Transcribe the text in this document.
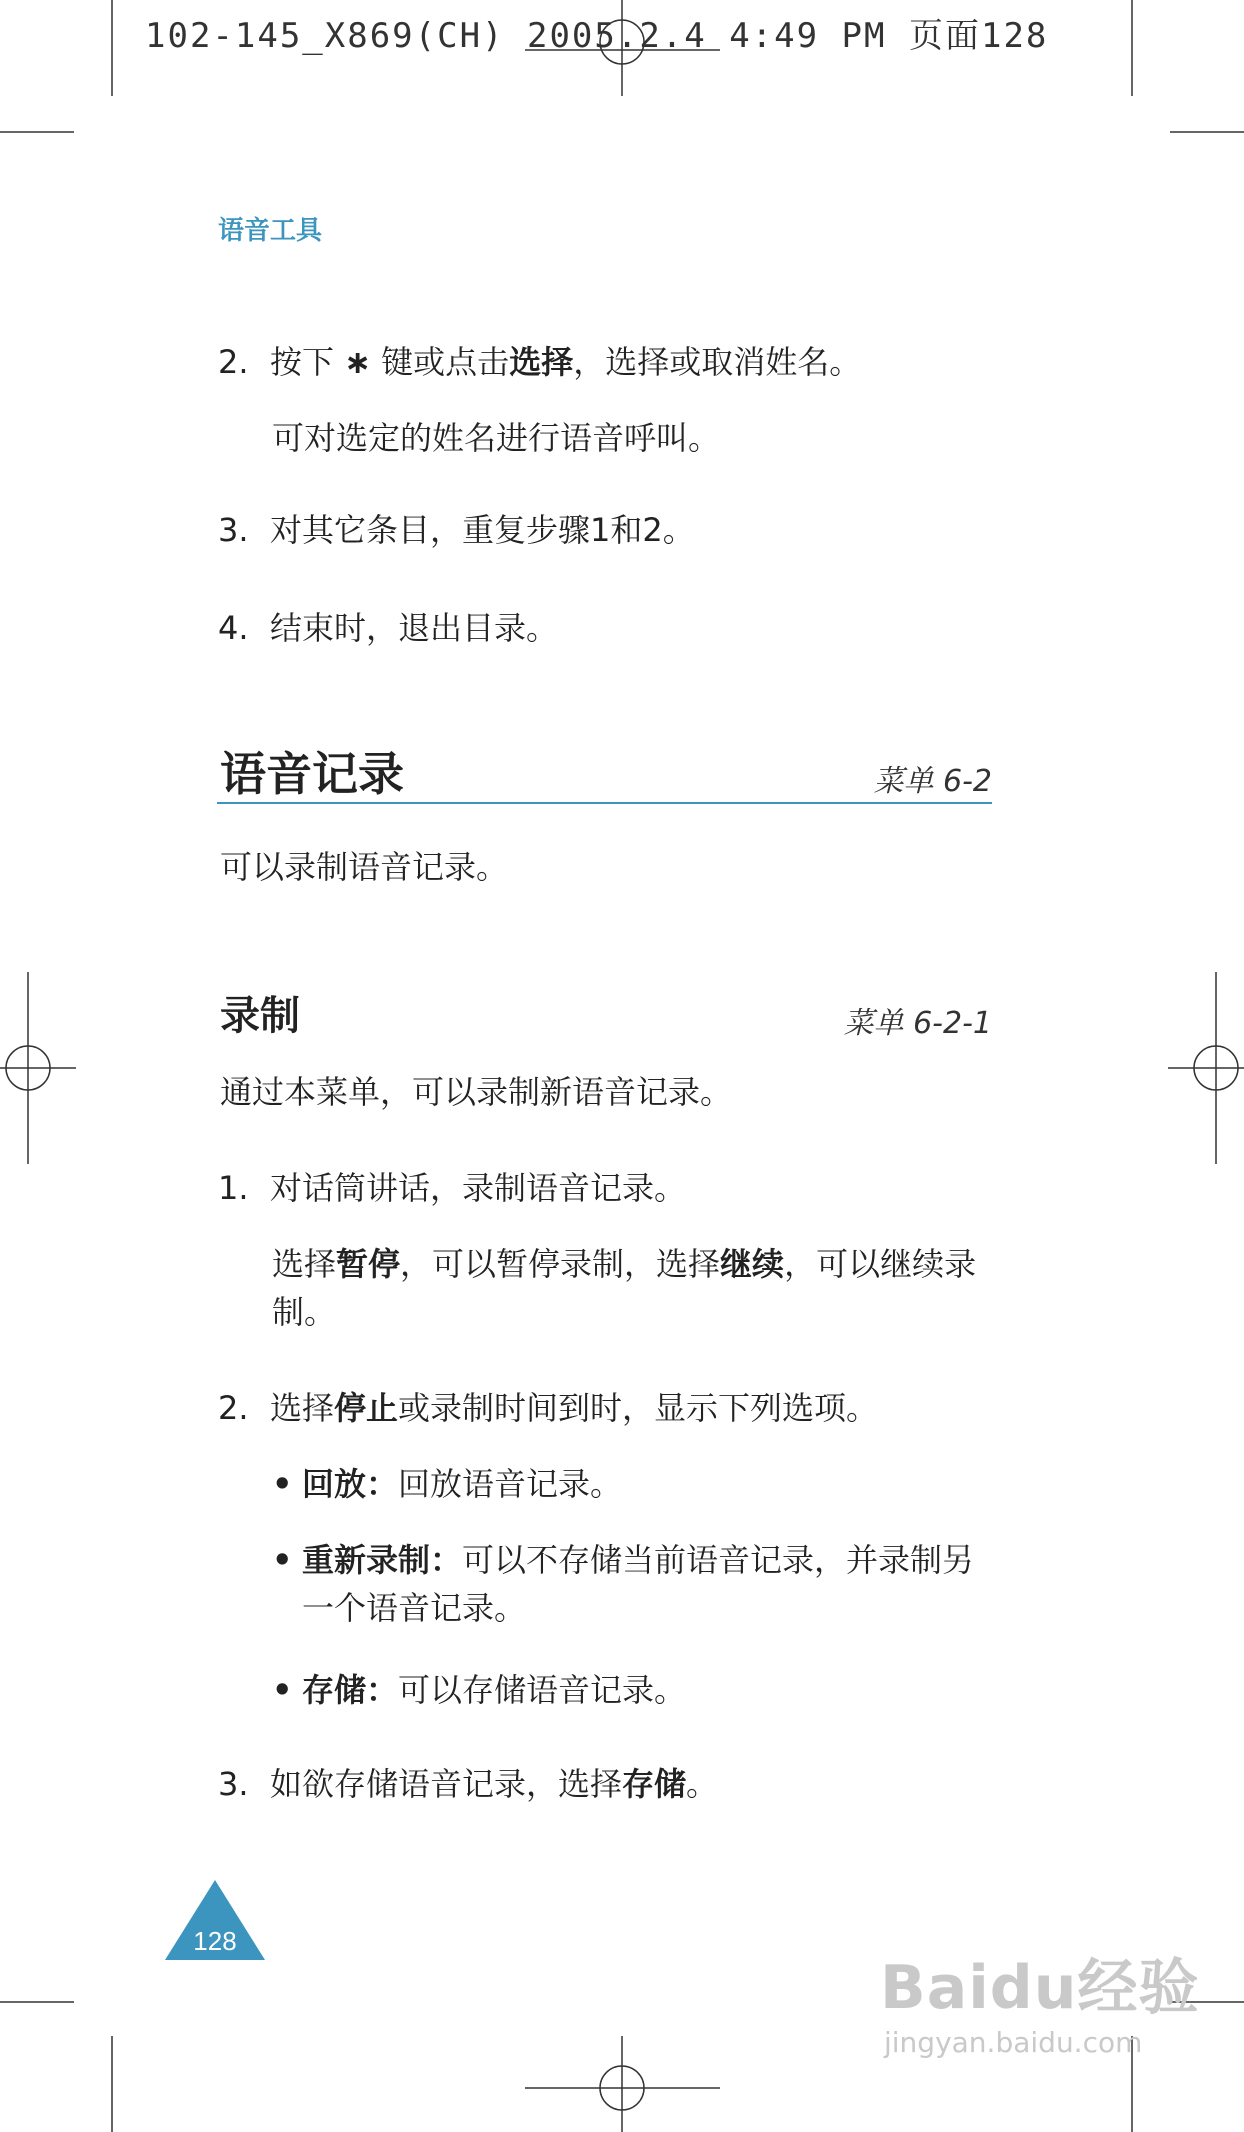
102-145_X869(CH) 2005.2.4 4:49 PM 页面128
语音工具
2. 按下 ∗ 键或点击选择，选择或取消姓名。
可对选定的姓名进行语音呼叫。
3. 对其它条目，重复步骤1和2。
4. 结束时，退出目录。
语音记录	菜单 6-2
可以录制语音记录。
录制	菜单 6-2-1
通过本菜单，可以录制新语音记录。
1. 对话筒讲话，录制语音记录。
选择暂停，可以暂停录制，选择继续，可以继续录
制。
2. 选择停止或录制时间到时，显示下列选项。
• 回放：回放语音记录。
• 重新录制：可以不存储当前语音记录，并录制另
一个语音记录。
• 存储：可以存储语音记录。
3. 如欲存储语音记录，选择存储。
128
Baidu经验
jingyan.baidu.com
